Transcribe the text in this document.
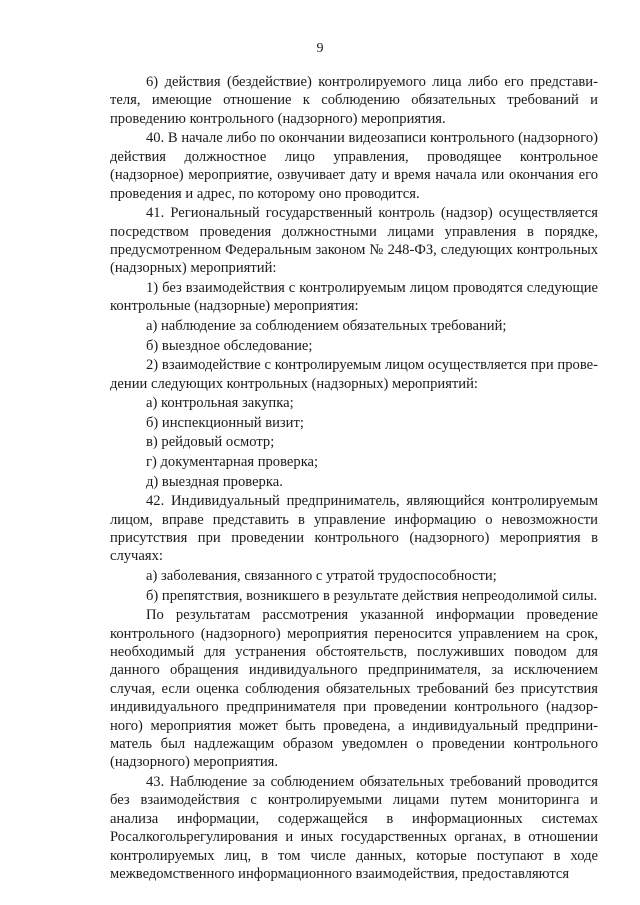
9

6) действия (бездействие) контролируемого лица либо его представителя, имеющие отношение к соблюдению обязательных требований и проведению контрольного (надзорного) мероприятия.

40. В начале либо по окончании видеозаписи контрольного (надзорного) действия должностное лицо управления, проводящее контрольное (надзорное) мероприятие, озвучивает дату и время начала или окончания его проведения и адрес, по которому оно проводится.

41. Региональный государственный контроль (надзор) осуществляется посредством проведения должностными лицами управления в порядке, предусмотренном Федеральным законом № 248-ФЗ, следующих контрольных (надзорных) мероприятий:

1) без взаимодействия с контролируемым лицом проводятся следующие контрольные (надзорные) мероприятия:

а) наблюдение за соблюдением обязательных требований;

б) выездное обследование;

2) взаимодействие с контролируемым лицом осуществляется при проведении следующих контрольных (надзорных) мероприятий:

а) контрольная закупка;

б) инспекционный визит;

в) рейдовый осмотр;

г) документарная проверка;

д) выездная проверка.

42. Индивидуальный предприниматель, являющийся контролируемым лицом, вправе представить в управление информацию о невозможности присутствия при проведении контрольного (надзорного) мероприятия в случаях:

а) заболевания, связанного с утратой трудоспособности;

б) препятствия, возникшего в результате действия непреодолимой силы.

По результатам рассмотрения указанной информации проведение контрольного (надзорного) мероприятия переносится управлением на срок, необходимый для устранения обстоятельств, послуживших поводом для данного обращения индивидуального предпринимателя, за исключением случая, если оценка соблюдения обязательных требований без присутствия индивидуального предпринимателя при проведении контрольного (надзорного) мероприятия может быть проведена, а индивидуальный предприниматель был надлежащим образом уведомлен о проведении контрольного (надзорного) мероприятия.

43. Наблюдение за соблюдением обязательных требований проводится без взаимодействия с контролируемыми лицами путем мониторинга и анализа информации, содержащейся в информационных системах Росалкогольрегулирования и иных государственных органах, в отношении контролируемых лиц, в том числе данных, которые поступают в ходе межведомственного информационного взаимодействия, предоставляются
